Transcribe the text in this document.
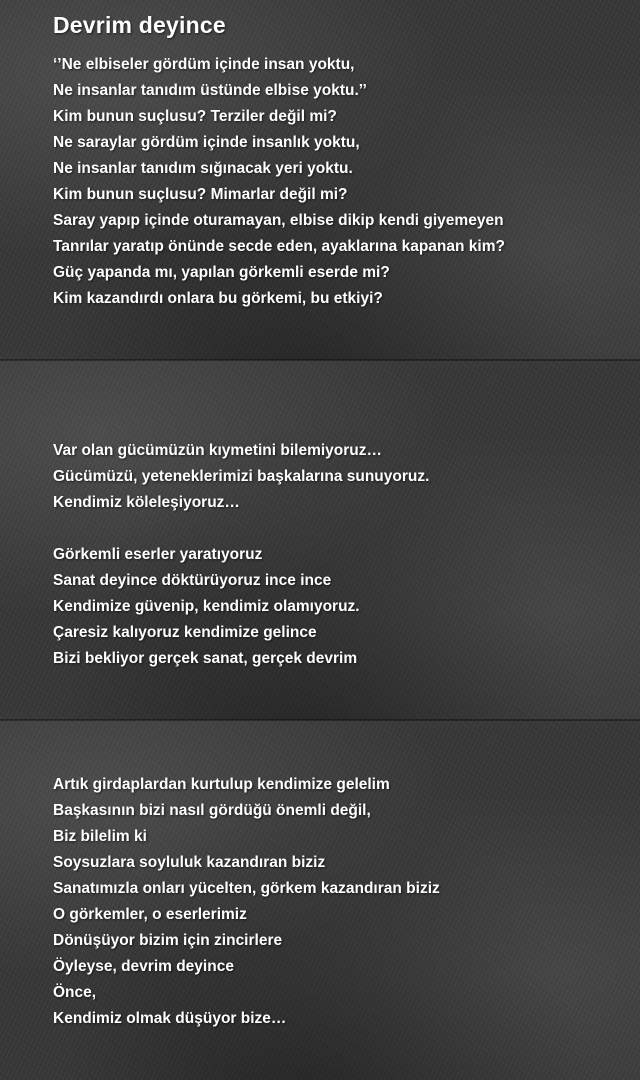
Devrim deyince
‘’Ne elbiseler gördüm içinde insan yoktu,
Ne insanlar tanıdım üstünde elbise yoktu.’’
Kim bunun suçlusu? Terziler değil mi?
Ne saraylar gördüm içinde insanlık yoktu,
Ne insanlar tanıdım sığınacak yeri yoktu.
Kim bunun suçlusu? Mimarlar değil mi?
Saray yapıp içinde oturamayan, elbise dikip kendi giyemeyen
Tanrılar yaratıp önünde secde eden, ayaklarına kapanan kim?
Güç yapanda mı, yapılan görkemli eserde mi?
Kim kazandırdı onlara bu görkemi, bu etkiyi?
Var olan gücümüzün kıymetini bilemiyoruz…
Gücümüzü, yeteneklerimizi başkalarına sunuyoruz.
Kendimiz köleleşiyoruz…
Görkemli eserler yaratıyoruz
Sanat deyince döktürüyoruz ince ince
Kendimize güvenip, kendimiz olamıyoruz.
Çaresiz kalıyoruz kendimize gelince
Bizi bekliyor gerçek sanat, gerçek devrim
Artık girdaplardan kurtulup kendimize gelelim
Başkasının bizi nasıl gördüğü önemli değil,
Biz bilelim ki
Soysuzlara soyluluk kazandıran biziz
Sanatımızla onları yücelten, görkem kazandıran biziz
O görkemler, o eserlerimiz
Dönüşüyor bizim için zincirlere
Öyleyse, devrim deyince
Önce,
Kendimiz olmak düşüyor bize…
